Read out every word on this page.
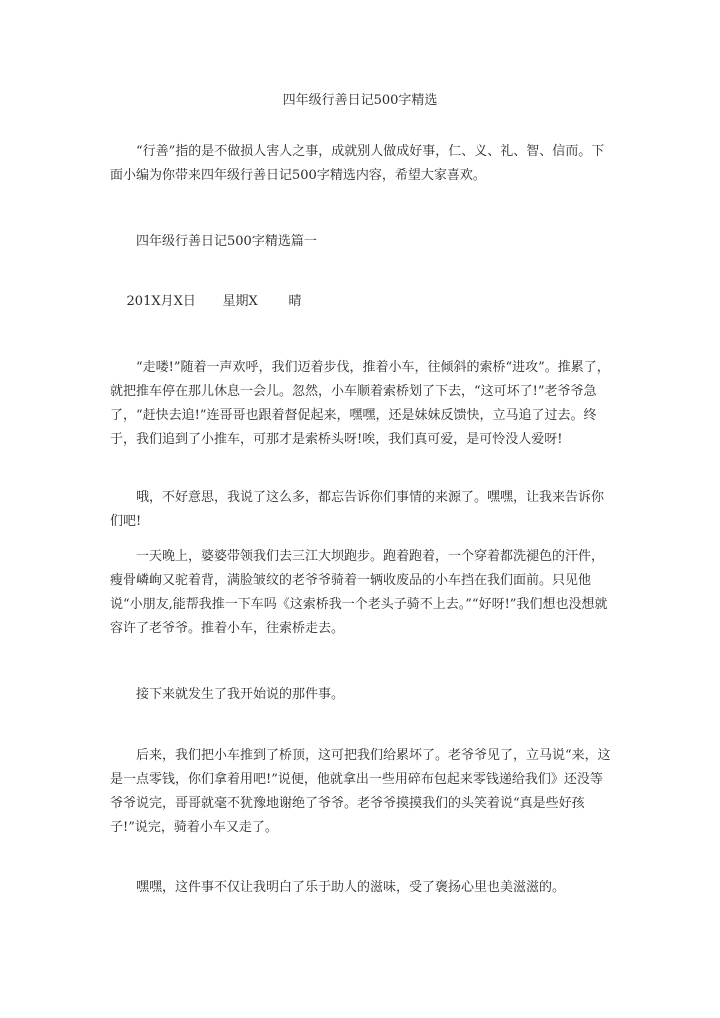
四年级行善日记500字精选

“行善”指的是不做损人害人之事，成就别人做成好事，仁、义、礼、智、信而。下面小编为你带来四年级行善日记500字精选内容，希望大家喜欢。

四年级行善日记500字精选篇一

201X月X日 星期X 晴

“走喽!”随着一声欢呼，我们迈着步伐，推着小车，往倾斜的索桥“进攻”。推累了，就把推车停在那儿休息一会儿。忽然，小车顺着索桥划了下去，“这可坏了!”老爷爷急了，“赶快去追!”连哥哥也跟着督促起来，嘿嘿，还是妹妹反馈快，立马追了过去。终于，我们追到了小推车，可那才是索桥头呀!唉，我们真可爱，是可怜没人爱呀!

哦，不好意思，我说了这么多，都忘告诉你们事情的来源了。嘿嘿，让我来告诉你们吧!

一天晚上，婆婆带领我们去三江大坝跑步。跑着跑着，一个穿着都洗褪色的汗件，瘦骨嶙峋又驼着背，满脸皱纹的老爷爷骑着一辆收废品的小车挡在我们面前。只见他说“小朋友,能帮我推一下车吗《这索桥我一个老头子骑不上去。”“好呀!”我们想也没想就容许了老爷爷。推着小车，往索桥走去。

接下来就发生了我开始说的那件事。

后来，我们把小车推到了桥顶，这可把我们给累坏了。老爷爷见了，立马说“来，这是一点零钱，你们拿着用吧!”说便，他就拿出一些用碎布包起来零钱递给我们》还没等爷爷说完，哥哥就毫不犹豫地谢绝了爷爷。老爷爷摸摸我们的头笑着说“真是些好孩子!”说完，骑着小车又走了。

嘿嘿，这件事不仅让我明白了乐于助人的滋味，受了褒扬心里也美滋滋的。
